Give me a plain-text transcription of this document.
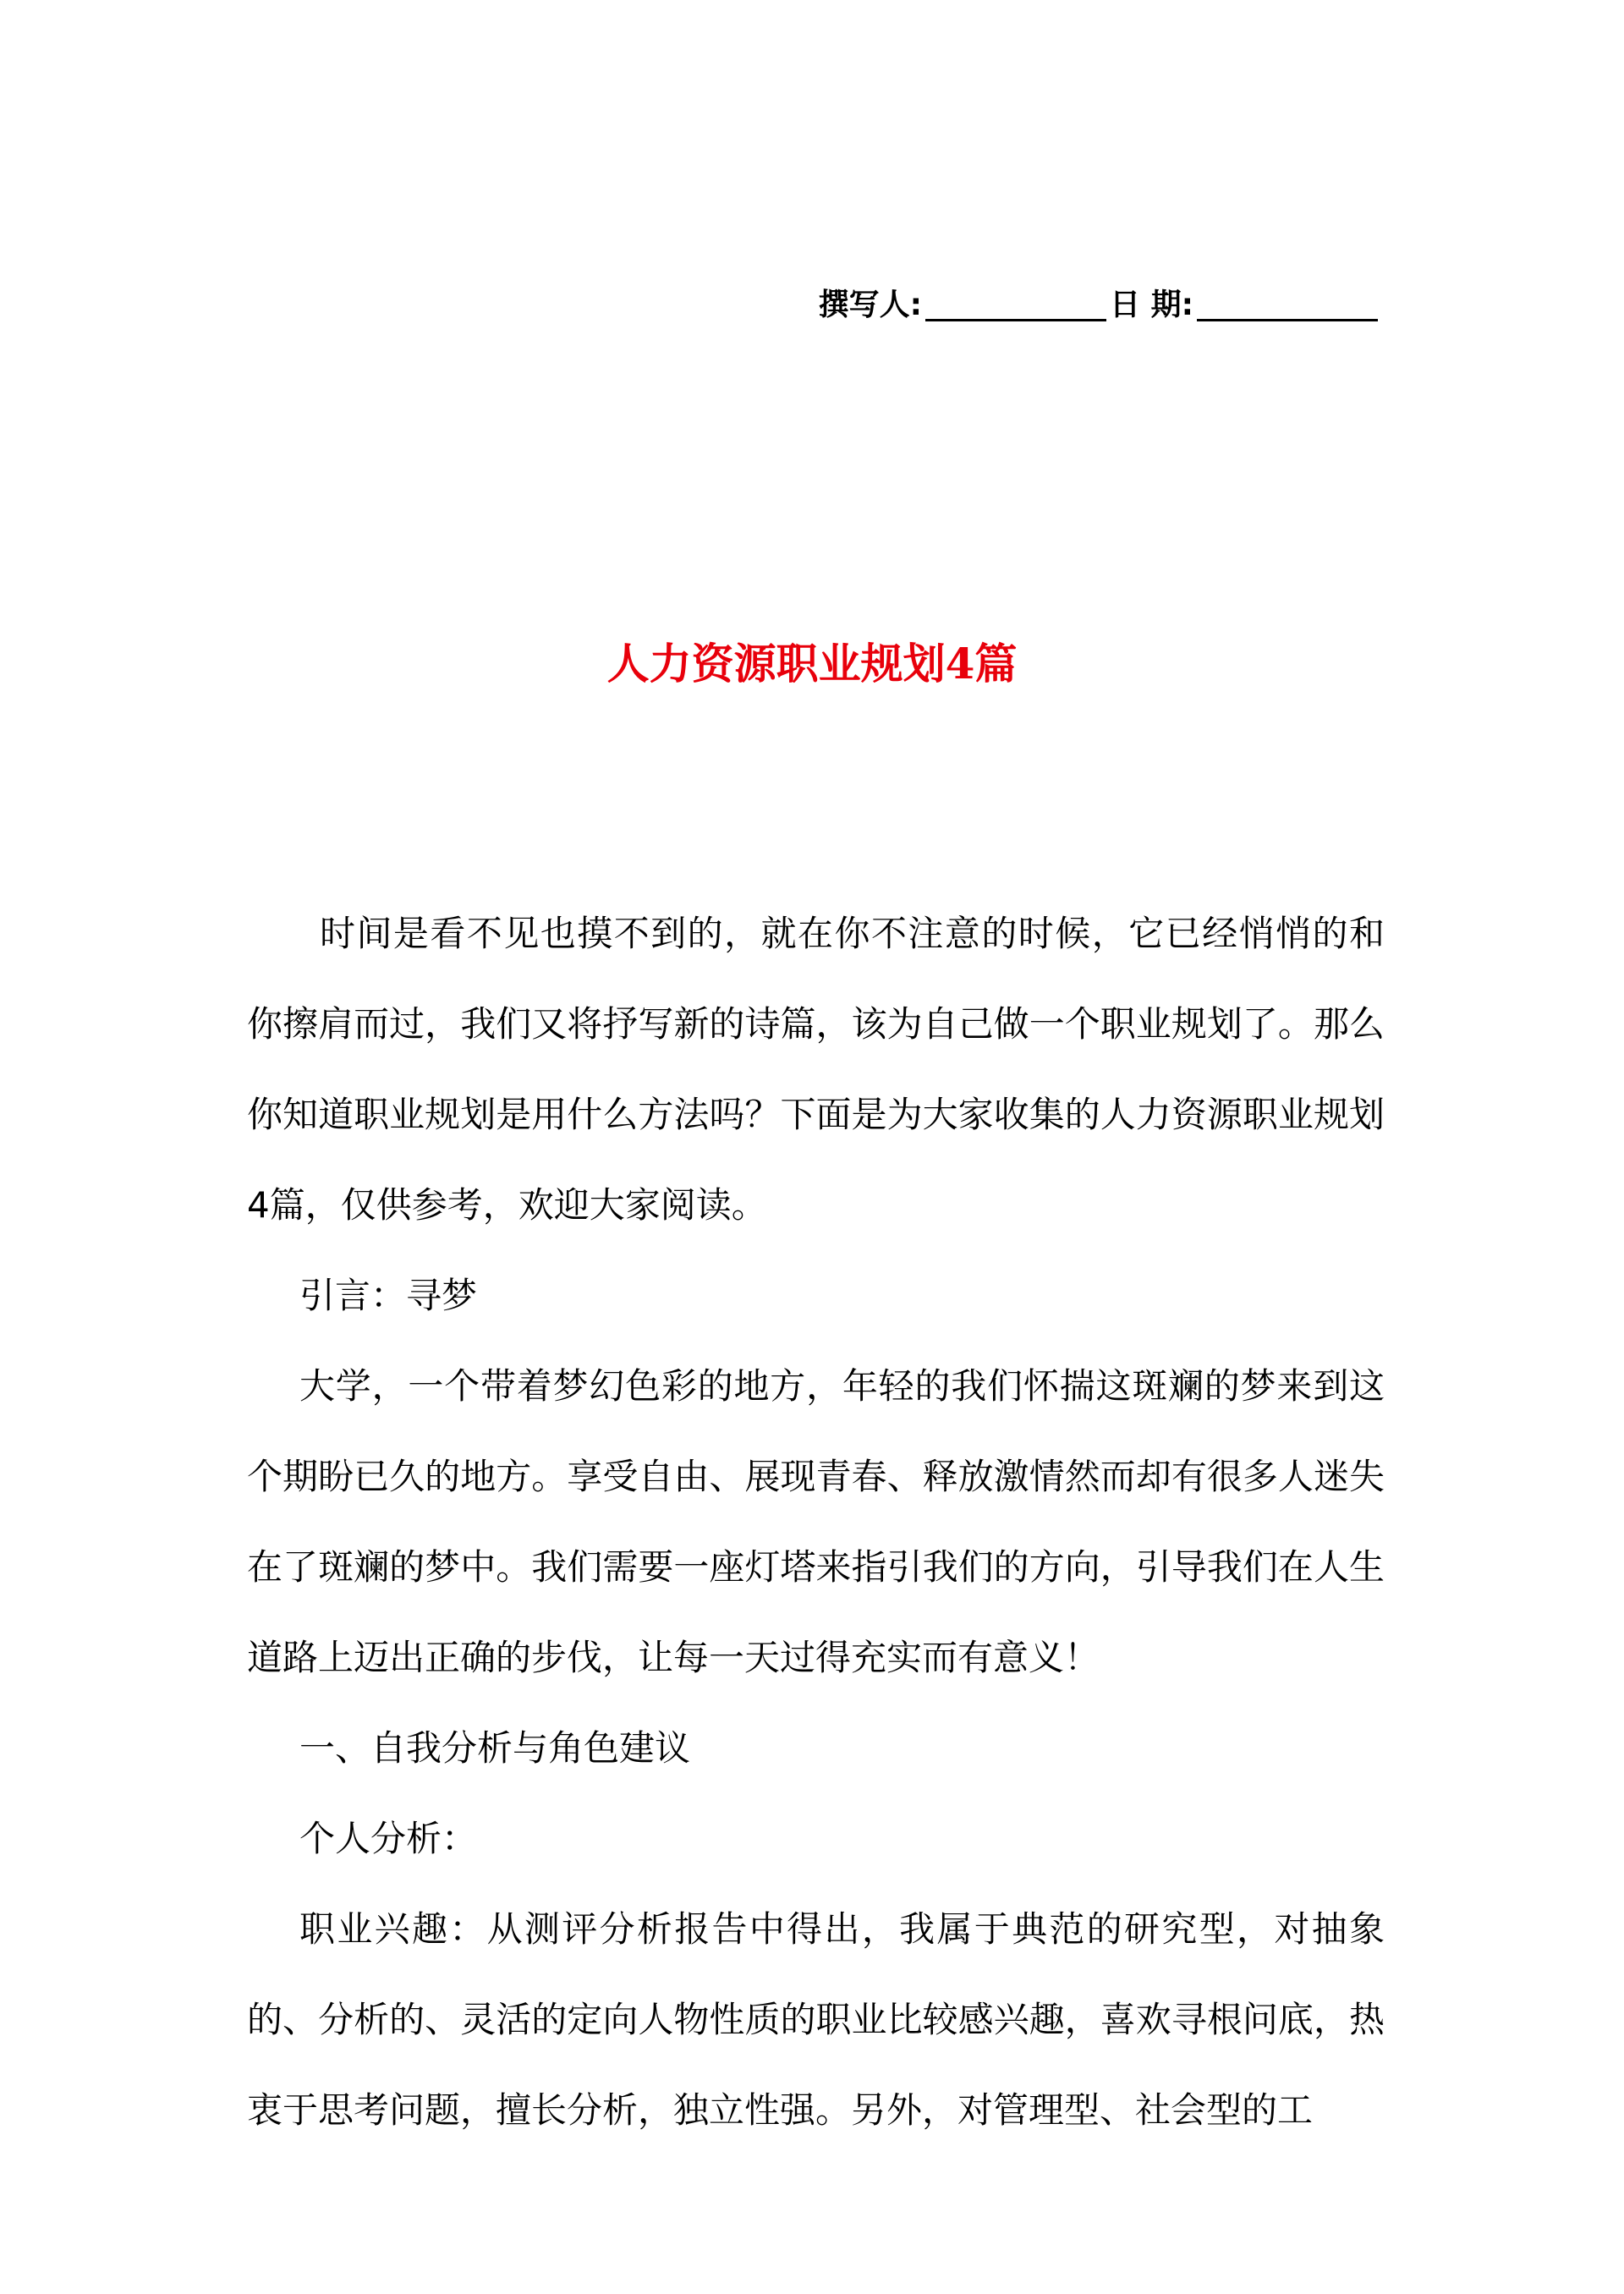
撰写人:	日 期:
人力资源职业规划4篇

时间是看不见也摸不到的，就在你不注意的时候，它已经悄悄的和你擦肩而过，我们又将抒写新的诗篇，该为自己做一个职业规划了。那么你知道职业规划是用什么方法吗？下面是为大家收集的人力资源职业规划4篇，仅供参考，欢迎大家阅读。

引言：寻梦

大学，一个带着梦幻色彩的地方，年轻的我们怀揣这斑斓的梦来到这个期盼已久的地方。享受自由、展现青春、释放激情然而却有很多人迷失在了斑斓的梦中。我们需要一座灯塔来指引我们的方向，引导我们在人生道路上迈出正确的步伐，让每一天过得充实而有意义！

一、自我分析与角色建议

个人分析：

职业兴趣：从测评分析报告中得出，我属于典范的研究型，对抽象的、分析的、灵活的定向人物性质的职业比较感兴趣，喜欢寻根问底，热衷于思考问题，擅长分析，独立性强。另外，对管理型、社会型的工
